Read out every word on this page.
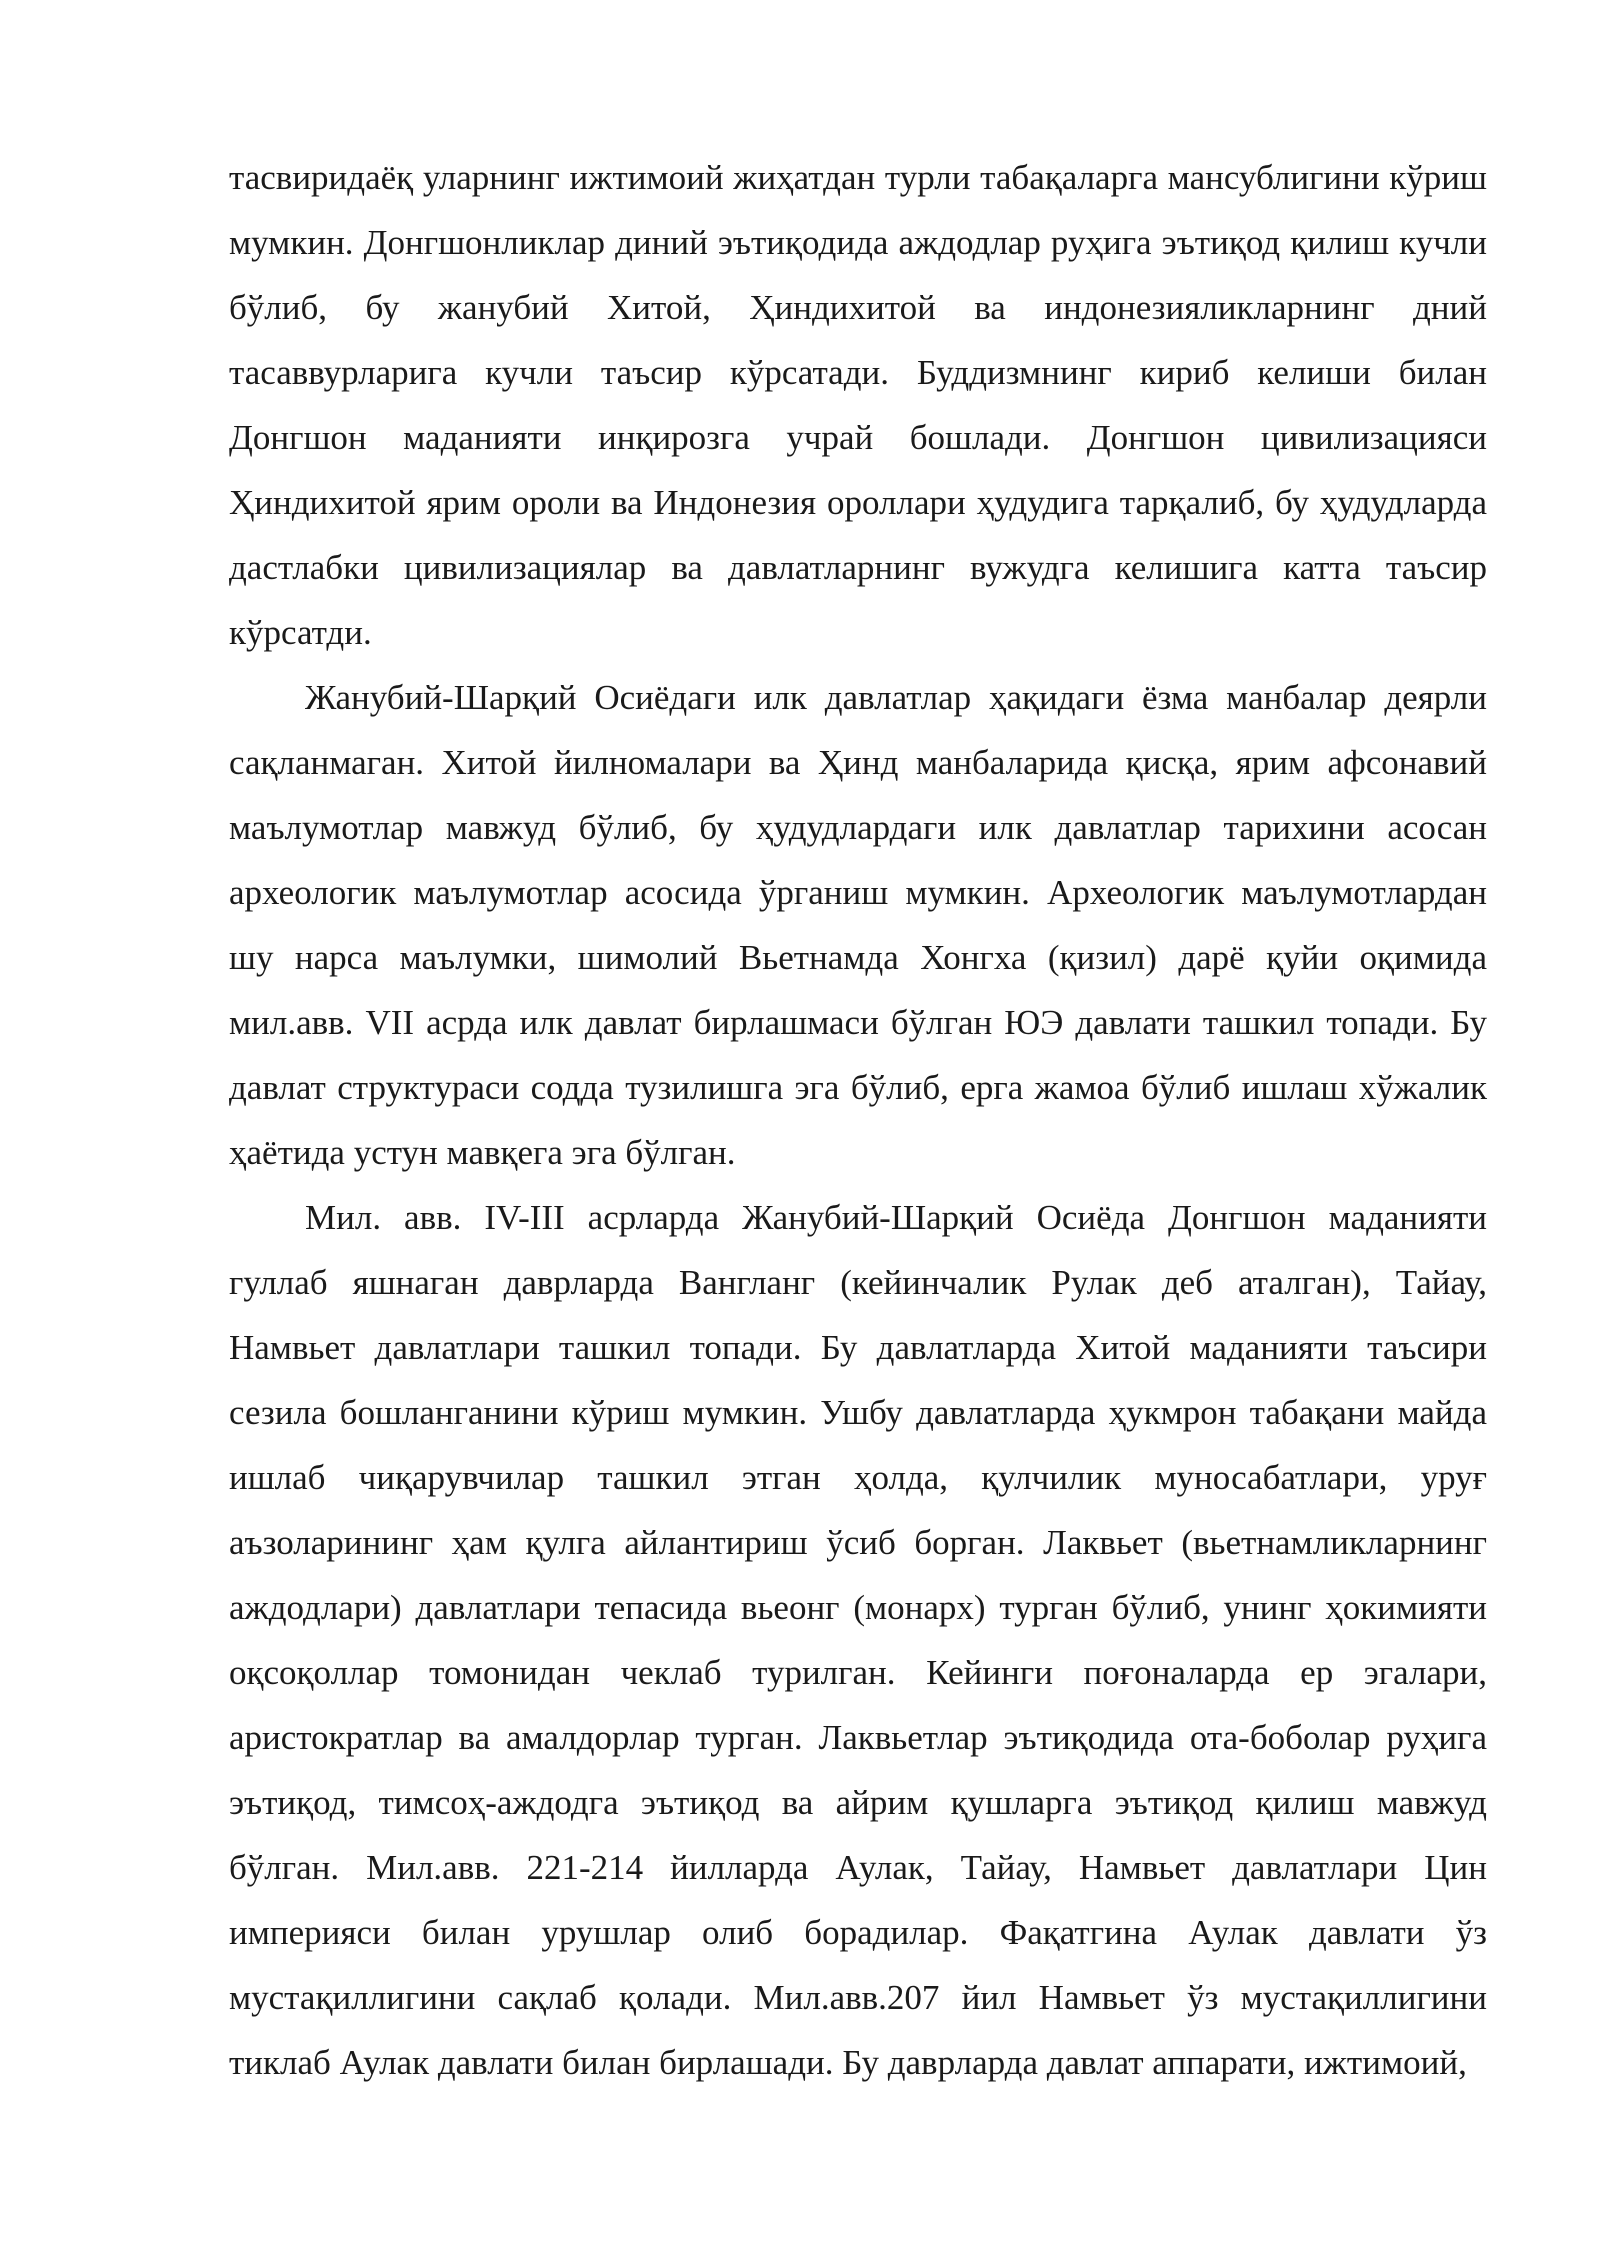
тасвиридаёқ уларнинг ижтимоий жиҳатдан турли табақаларга мансублигини кўриш мумкин. Донгшонликлар диний эътиқодида аждодлар руҳига эътиқод қилиш кучли бўлиб, бу жанубий Хитой, Ҳиндихитой ва индонезияликларнинг дний тасаввурларига кучли таъсир кўрсатади. Буддизмнинг кириб келиши билан Донгшон маданияти инқирозга учрай бошлади. Донгшон цивилизацияси Ҳиндихитой ярим ороли ва Индонезия ороллари ҳудудига тарқалиб, бу ҳудудларда дастлабки цивилизациялар ва давлатларнинг вужудга келишига катта таъсир кўрсатди.

Жанубий-Шарқий Осиёдаги илк давлатлар ҳақидаги ёзма манбалар деярли сақланмаган. Хитой йилномалари ва Ҳинд манбаларида қисқа, ярим афсонавий маълумотлар мавжуд бўлиб, бу ҳудудлардаги илк давлатлар тарихини асосан археологик маълумотлар асосида ўрганиш мумкин. Археологик маълумотлардан шу нарса маълумки, шимолий Вьетнамда Хонгха (қизил) дарё қуйи оқимида мил.авв. VII асрда илк давлат бирлашмаси бўлган ЮЭ давлати ташкил топади. Бу давлат структураси содда тузилишга эга бўлиб, ерга жамоа бўлиб ишлаш хўжалик ҳаётида устун мавқега эга бўлган.

Мил. авв. IV-III асрларда Жанубий-Шарқий Осиёда Донгшон маданияти гуллаб яшнаган даврларда Вангланг (кейинчалик Рулак деб аталган), Тайау, Намвьет давлатлари ташкил топади. Бу давлатларда Хитой маданияти таъсири сезила бошланганини кўриш мумкин. Ушбу давлатларда ҳукмрон табақани майда ишлаб чиқарувчилар ташкил этган ҳолда, қулчилик муносабатлари, уруғ аъзоларининг ҳам қулга айлантириш ўсиб борган. Лаквьет (вьетнамликларнинг аждодлари) давлатлари тепасида вьеонг (монарх) турган бўлиб, унинг ҳокимияти оқсоқоллар томонидан чеклаб турилган. Кейинги поғоналарда ер эгалари, аристократлар ва амалдорлар турган. Лаквьетлар эътиқодида ота-боболар руҳига эътиқод, тимсоҳ-аждодга эътиқод ва айрим қушларга эътиқод қилиш мавжуд бўлган. Мил.авв. 221-214 йилларда Аулак, Тайау, Намвьет давлатлари Цин империяси билан урушлар олиб борадилар. Фақатгина Аулак давлати ўз мустақиллигини сақлаб қолади. Мил.авв.207 йил Намвьет ўз мустақиллигини тиклаб Аулак давлати билан бирлашади. Бу даврларда давлат аппарати, ижтимоий,
